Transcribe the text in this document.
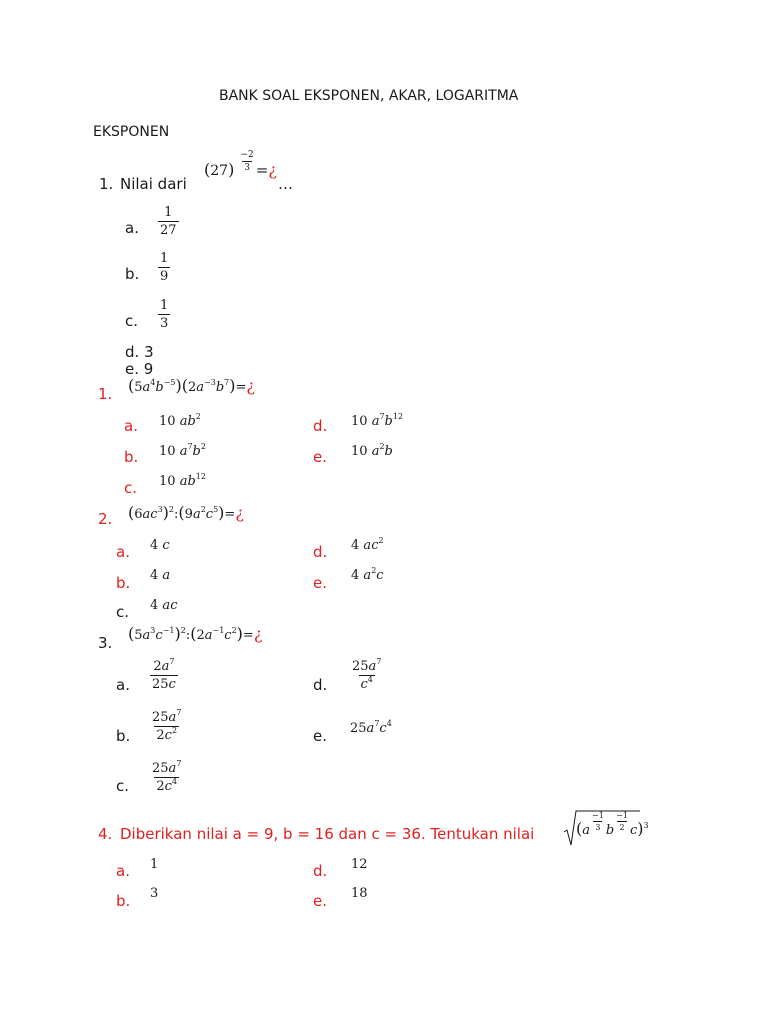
BANK SOAL EKSPONEN, AKAR, LOGARITMA
EKSPONEN
1. Nilai dari
$(27) \frac{-2}{3}$ =¿
…
a. $\frac{1}{27}$
b. $\frac{1}{9}$
c. $\frac{1}{3}$
d. 3
e. 9
1. $(5a^4b^{-5})(2a^{-3}b^7)=¿$
a. 10 $ab^2$
b. 10 $a^7b^2$
c. 10 $ab^{12}$
d. 10 $a^7b^{12}$
e. 10 $a^2b$
2. $(6ac^3)^2:(9a^2c^5)=¿$
a. 4 c
b. 4 a
c. 4 ac
d. 4 $ac^2$
e. 4 $a^2c$
3. $(5a^3c^{-1})^2:(2a^{-1}c^2)=¿$
a. $\frac{2a^7}{25c}$
b. $\frac{25a^7}{2c^2}$
c. $\frac{25a^7}{2c^4}$
d. $\frac{25a^7}{c^4}$
e. $25a^7c^4$
4. Diberikan nilai a = 9, b = 16 dan c = 36. Tentukan nilai	($a \frac{-1}{3}$ b $\frac{-1}{2} c)^3$
a. 1
b. 3
d. 12
e. 18
